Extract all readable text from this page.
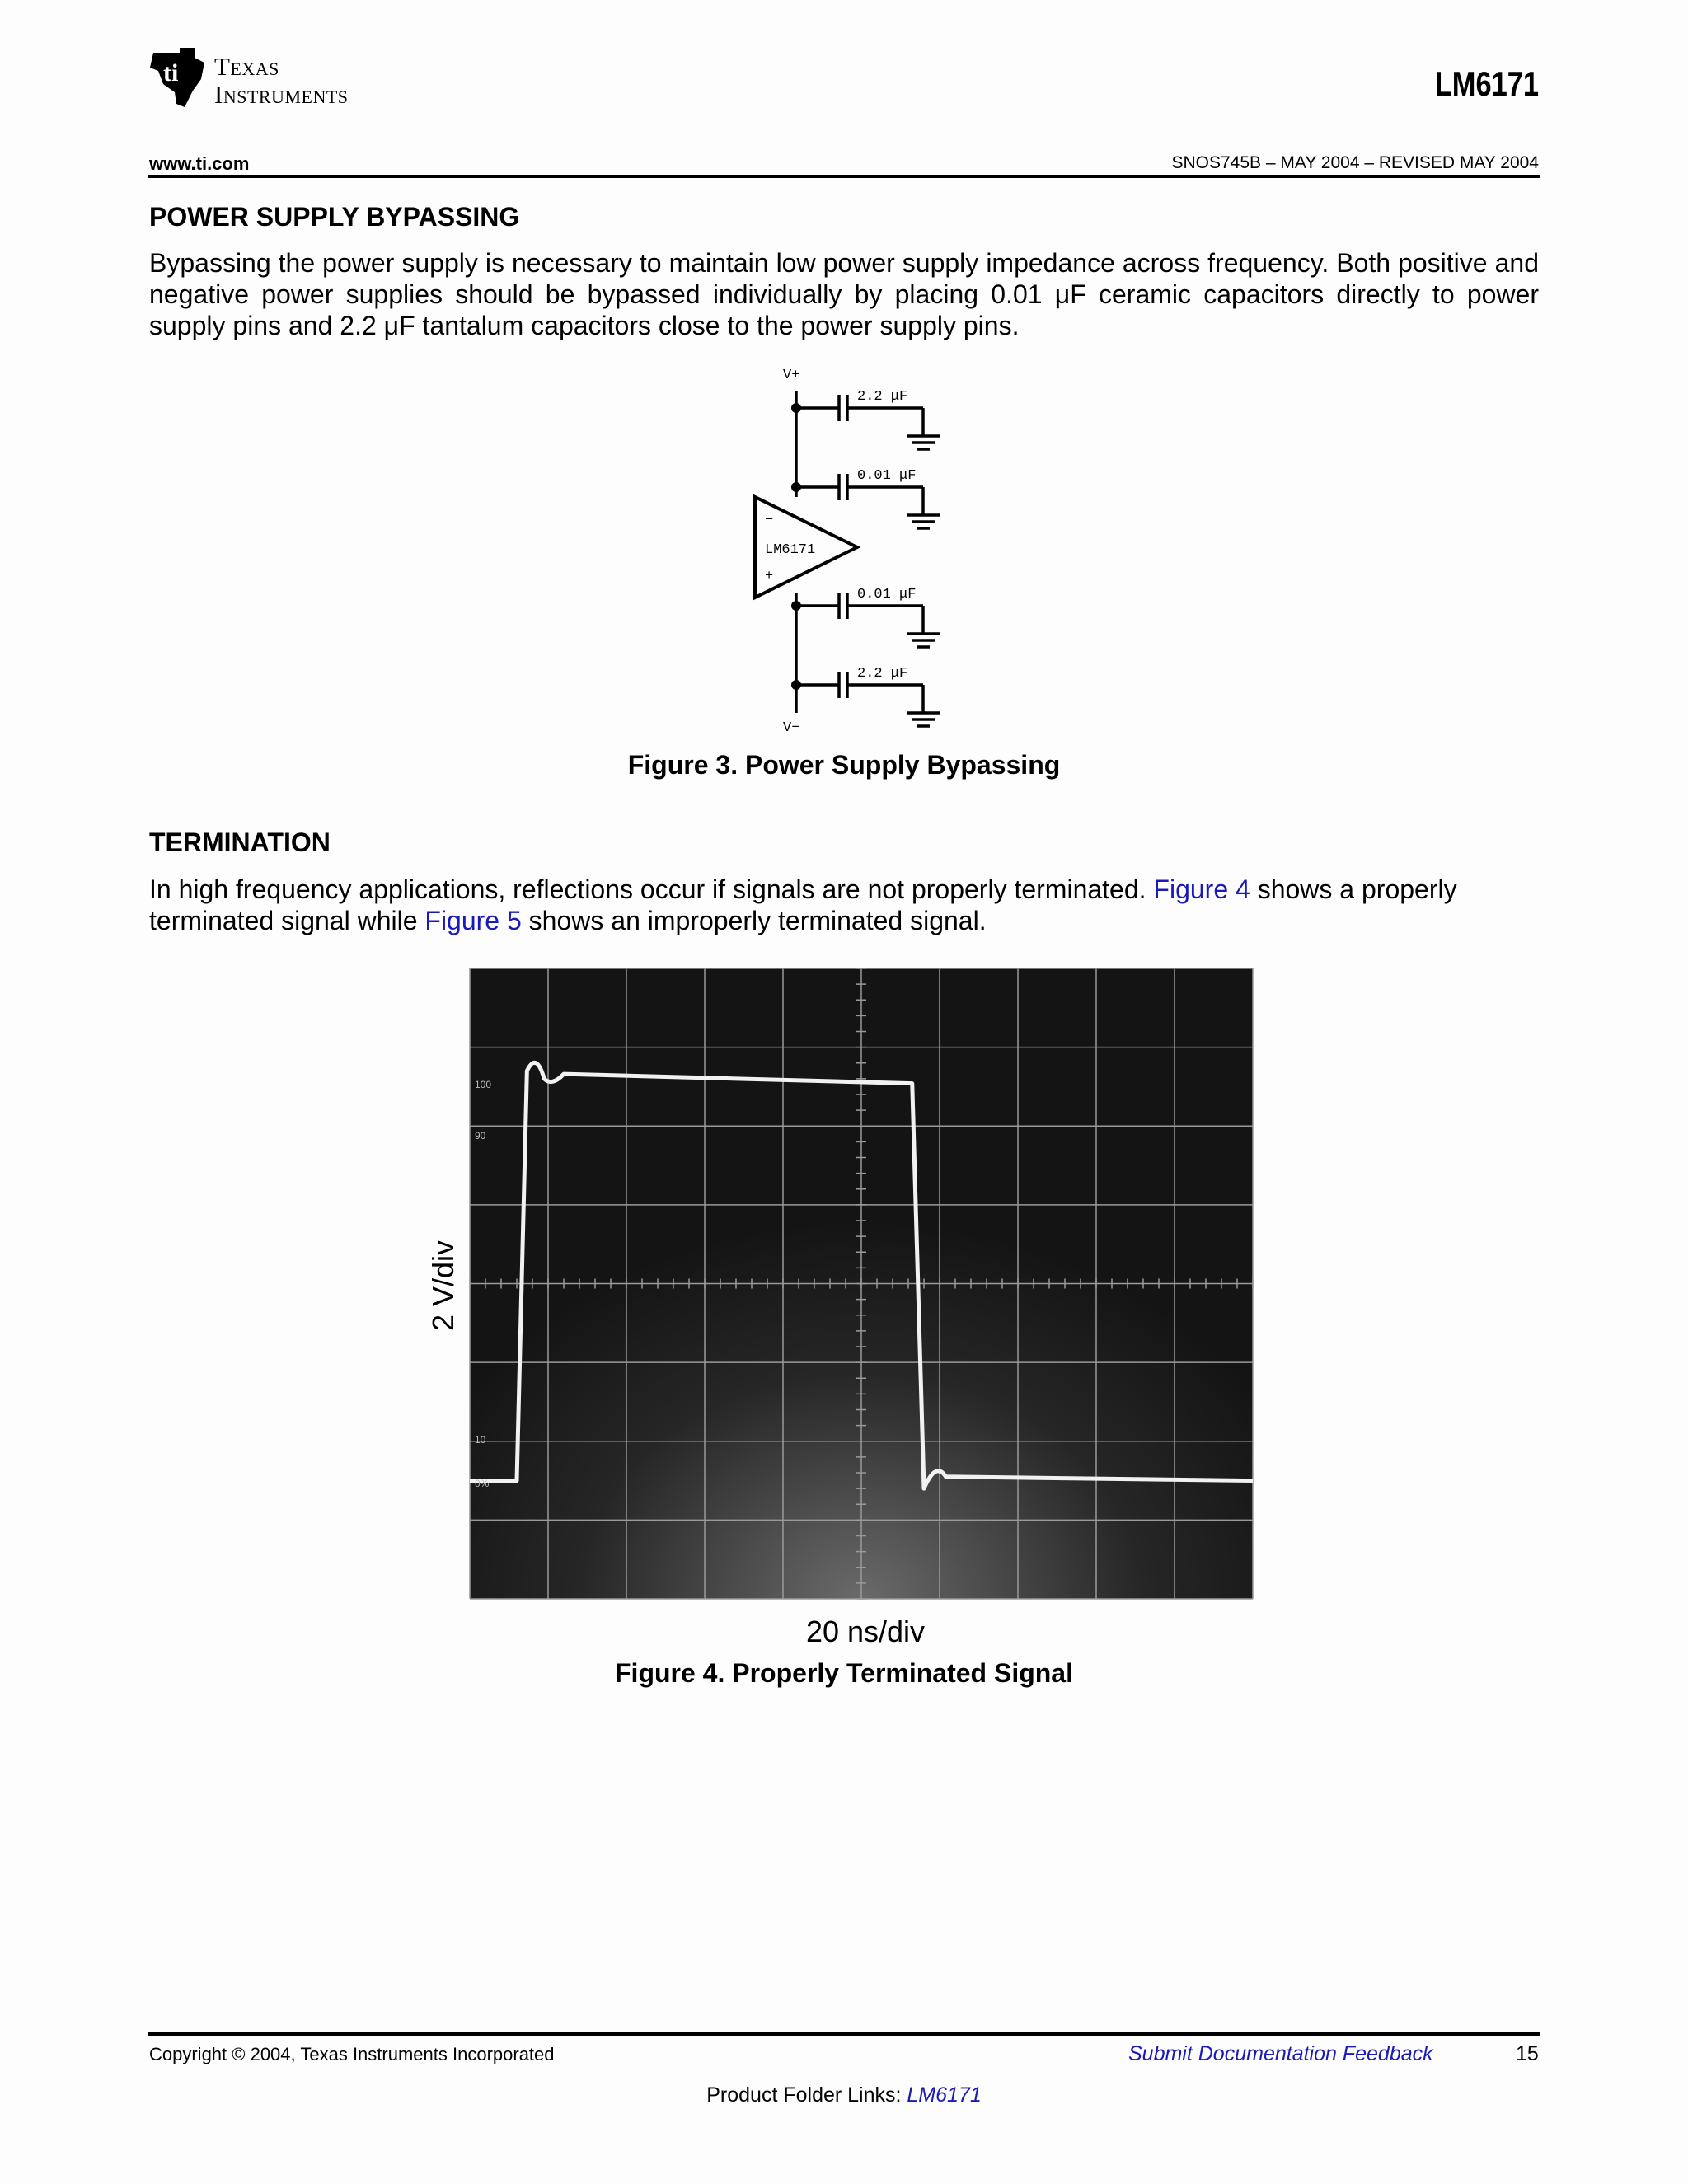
ti Texas
Instruments	LM6171
www.ti.com	SNOS745B – MAY 2004 – REVISED MAY 2004
POWER SUPPLY BYPASSING
Bypassing the power supply is necessary to maintain low power supply impedance across frequency. Both positive and negative power supplies should be bypassed individually by placing 0.01 μF ceramic capacitors directly to power supply pins and 2.2 μF tantalum capacitors close to the power supply pins.
V+
V−
2.2 μF
0.01 μF
0.01 μF
2.2 μF
−
+
LM6171
Figure 3. Power Supply Bypassing
TERMINATION
In high frequency applications, reflections occur if signals are not properly terminated. Figure 4 shows a properly
terminated signal while Figure 5 shows an improperly terminated signal.
100
90
10
0%
2 V/div
20 ns/div
Figure 4. Properly Terminated Signal
Copyright © 2004, Texas Instruments Incorporated	Submit Documentation Feedback	15
Product Folder Links: LM6171
